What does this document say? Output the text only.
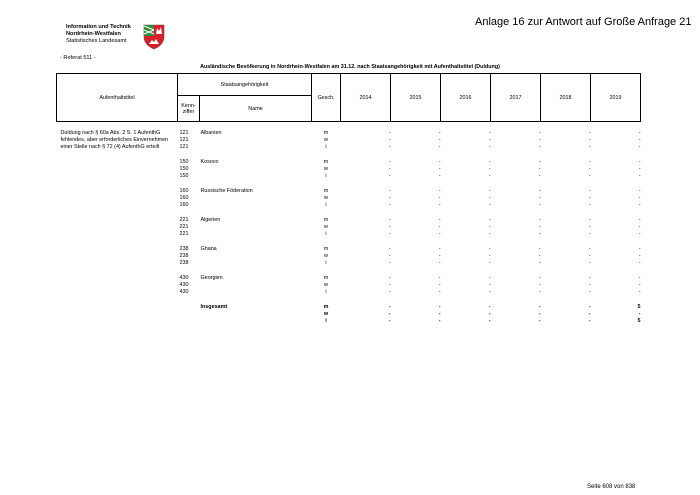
Information und Technik
Nordrhein-Westfalen
Statistisches Landesamt
Anlage 16 zur Antwort auf Große Anfrage 21
- Referat 511 -
Ausländische Bevölkerung in Nordrhein-Westfalen am 31.12. nach Staatsangehörigkeit mit Aufenthaltstitel (Duldung)
Aufenthaltstitel	Staatsangehörigkeit		Gesch.	2014	2015	2016	2017	2018	2019

	Kenn-
ziffer	Name							

Duldung nach § 60a Abs. 2 S. 1 AufenthG	121	Albanien	m	-	-	-	-	-	-
fehlendes, aber erforderliches Einvernehmen	121		w	-	-	-	-	-	-
einer Stelle nach § 72 (4) AufenthG erteilt	121		i	-	-	-	-	-	-

	150	Kosovo	m	-	-	-	-	-	-
	150		w	-	-	-	-	-	-
	150		i	-	-	-	-	-	-

	160	Russische Föderation	m	-	-	-	-	-	-
	160		w	-	-	-	-	-	-
	160		i	-	-	-	-	-	-

	221	Algerien	m	-	-	-	-	-	-
	221		w	-	-	-	-	-	-
	221		i	-	-	-	-	-	-

	238	Ghana	m	-	-	-	-	-	-
	238		w	-	-	-	-	-	-
	238		i	-	-	-	-	-	-

	430	Georgien	m	-	-	-	-	-	-
	430		w	-	-	-	-	-	-
	430		i	-	-	-	-	-	-

		Insgesamt	m	-	-	-	-	-	5
			w	-	-	-	-	-	-
			i	-	-	-	-	-	5
Seite 608 von 838
